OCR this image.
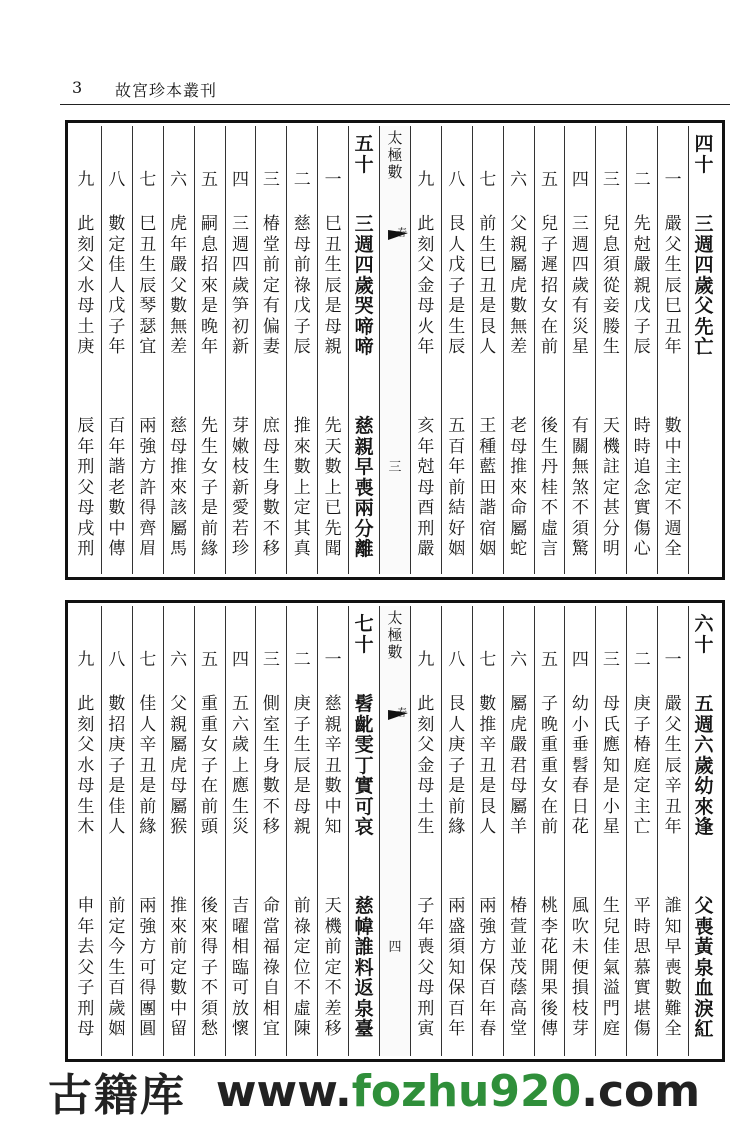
3 故宮珍本叢刊
四
十
三
週
四
歲
父
先
亡
一
嚴
父
生
辰
巳
丑
年
數
中
主
定
不
週
全
二
先
尅
嚴
親
戊
子
辰
時
時
追
念
實
傷
心
三
兒
息
須
從
妾
媵
生
天
機
註
定
甚
分
明
四
三
週
四
歲
有
災
星
有
關
無
煞
不
須
驚
五
兒
子
遲
招
女
在
前
後
生
丹
桂
不
虛
言
六
父
親
屬
虎
數
無
差
老
母
推
來
命
屬
蛇
七
前
生
巳
丑
是
艮
人
王
種
藍
田
諧
宿
姻
八
艮
人
戊
子
是
生
辰
五
百
年
前
結
好
姻
九
此
刻
父
金
母
火
年
亥
年
尅
母
酉
刑
嚴
太
極
數
春
三
五
十
三
週
四
歲
哭
啼
啼
慈
親
早
喪
兩
分
離
一
巳
丑
生
辰
是
母
親
先
天
數
上
已
先
聞
二
慈
母
前
祿
戊
子
辰
推
來
數
上
定
其
真
三
椿
堂
前
定
有
偏
妻
庶
母
生
身
數
不
移
四
三
週
四
歲
笋
初
新
芽
嫩
枝
新
愛
若
珍
五
嗣
息
招
來
是
晚
年
先
生
女
子
是
前
緣
六
虎
年
嚴
父
數
無
差
慈
母
推
來
該
屬
馬
七
巳
丑
生
辰
琴
瑟
宜
兩
強
方
許
得
齊
眉
八
數
定
佳
人
戊
子
年
百
年
諧
老
數
中
傳
九
此
刻
父
水
母
土
庚
辰
年
刑
父
母
戌
刑
六
十
五
週
六
歲
幼
來
逢
父
喪
黃
泉
血
淚
紅
一
嚴
父
生
辰
辛
丑
年
誰
知
早
喪
數
難
全
二
庚
子
椿
庭
定
主
亡
平
時
思
慕
實
堪
傷
三
母
氏
應
知
是
小
星
生
兒
佳
氣
溢
門
庭
四
幼
小
垂
髫
春
日
花
風
吹
未
便
損
枝
芽
五
子
晚
重
重
女
在
前
桃
李
花
開
果
後
傳
六
屬
虎
嚴
君
母
屬
羊
椿
萱
並
茂
蔭
高
堂
七
數
推
辛
丑
是
艮
人
兩
強
方
保
百
年
春
八
艮
人
庚
子
是
前
緣
兩
盛
須
知
保
百
年
九
此
刻
父
金
母
土
生
子
年
喪
父
母
刑
寅
太
極
數
春
四
七
十
髫
齔
雯
丁
實
可
哀
慈
幃
誰
料
返
泉
臺
一
慈
親
辛
丑
數
中
知
天
機
前
定
不
差
移
二
庚
子
生
辰
是
母
親
前
祿
定
位
不
虛
陳
三
側
室
生
身
數
不
移
命
當
福
祿
自
相
宜
四
五
六
歲
上
應
生
災
吉
曜
相
臨
可
放
懷
五
重
重
女
子
在
前
頭
後
來
得
子
不
須
愁
六
父
親
屬
虎
母
屬
猴
推
來
前
定
數
中
留
七
佳
人
辛
丑
是
前
緣
兩
強
方
可
得
團
圓
八
數
招
庚
子
是
佳
人
前
定
今
生
百
歲
姻
九
此
刻
父
水
母
生
木
申
年
去
父
子
刑
母
古籍库 www.fozhu920.com
